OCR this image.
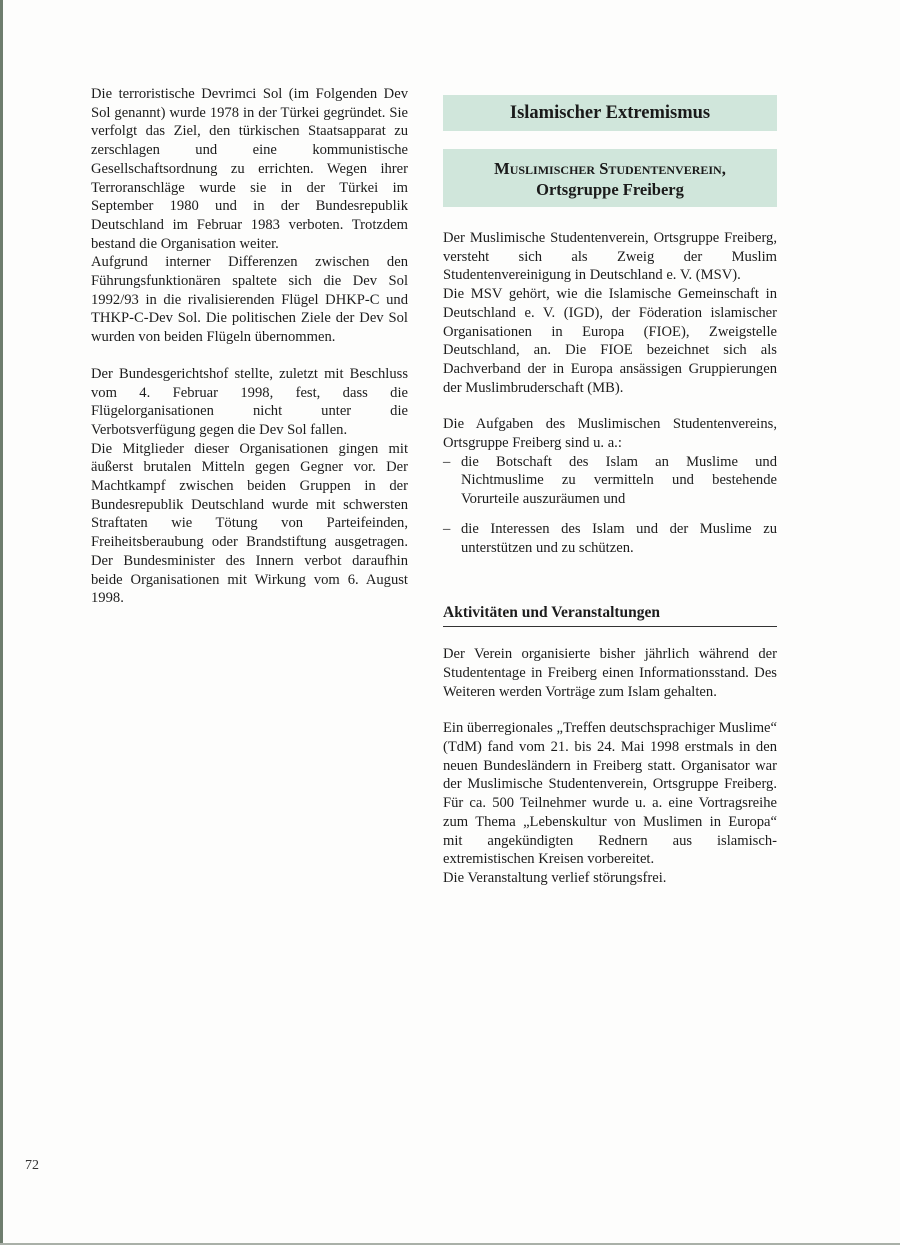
Die terroristische Devrimci Sol (im Folgenden Dev Sol genannt) wurde 1978 in der Türkei gegründet. Sie verfolgt das Ziel, den türkischen Staatsapparat zu zerschlagen und eine kommunistische Gesellschaftsordnung zu errichten. Wegen ihrer Terroranschläge wurde sie in der Türkei im September 1980 und in der Bundesrepublik Deutschland im Februar 1983 verboten. Trotzdem bestand die Organisation weiter.

Aufgrund interner Differenzen zwischen den Führungsfunktionären spaltete sich die Dev Sol 1992/93 in die rivalisierenden Flügel DHKP-C und THKP-C-Dev Sol. Die politischen Ziele der Dev Sol wurden von beiden Flügeln übernommen.

Der Bundesgerichtshof stellte, zuletzt mit Beschluss vom 4. Februar 1998, fest, dass die Flügelorganisationen nicht unter die Verbotsverfügung gegen die Dev Sol fallen.

Die Mitglieder dieser Organisationen gingen mit äußerst brutalen Mitteln gegen Gegner vor. Der Machtkampf zwischen beiden Gruppen in der Bundesrepublik Deutschland wurde mit schwersten Straftaten wie Tötung von Parteifeinden, Freiheitsberaubung oder Brandstiftung ausgetragen. Der Bundesminister des Innern verbot daraufhin beide Organisationen mit Wirkung vom 6. August 1998.

Islamischer Extremismus
Muslimischer Studentenverein,
Ortsgruppe Freiberg

Der Muslimische Studentenverein, Ortsgruppe Freiberg, versteht sich als Zweig der Muslim Studentenvereinigung in Deutschland e. V. (MSV).

Die MSV gehört, wie die Islamische Gemeinschaft in Deutschland e. V. (IGD), der Föderation islamischer Organisationen in Europa (FIOE), Zweigstelle Deutschland, an. Die FIOE bezeichnet sich als Dachverband der in Europa ansässigen Gruppierungen der Muslimbruderschaft (MB).

Die Aufgaben des Muslimischen Studentenvereins, Ortsgruppe Freiberg sind u. a.:

– die Botschaft des Islam an Muslime und Nichtmuslime zu vermitteln und bestehende Vorurteile auszuräumen und
– die Interessen des Islam und der Muslime zu unterstützen und zu schützen.
Aktivitäten und Veranstaltungen

Der Verein organisierte bisher jährlich während der Studententage in Freiberg einen Informationsstand. Des Weiteren werden Vorträge zum Islam gehalten.

Ein überregionales „Treffen deutschsprachiger Muslime“ (TdM) fand vom 21. bis 24. Mai 1998 erstmals in den neuen Bundesländern in Freiberg statt. Organisator war der Muslimische Studentenverein, Ortsgruppe Freiberg. Für ca. 500 Teilnehmer wurde u. a. eine Vortragsreihe zum Thema „Lebenskultur von Muslimen in Europa“ mit angekündigten Rednern aus islamisch-extremistischen Kreisen vorbereitet.

Die Veranstaltung verlief störungsfrei.

72
